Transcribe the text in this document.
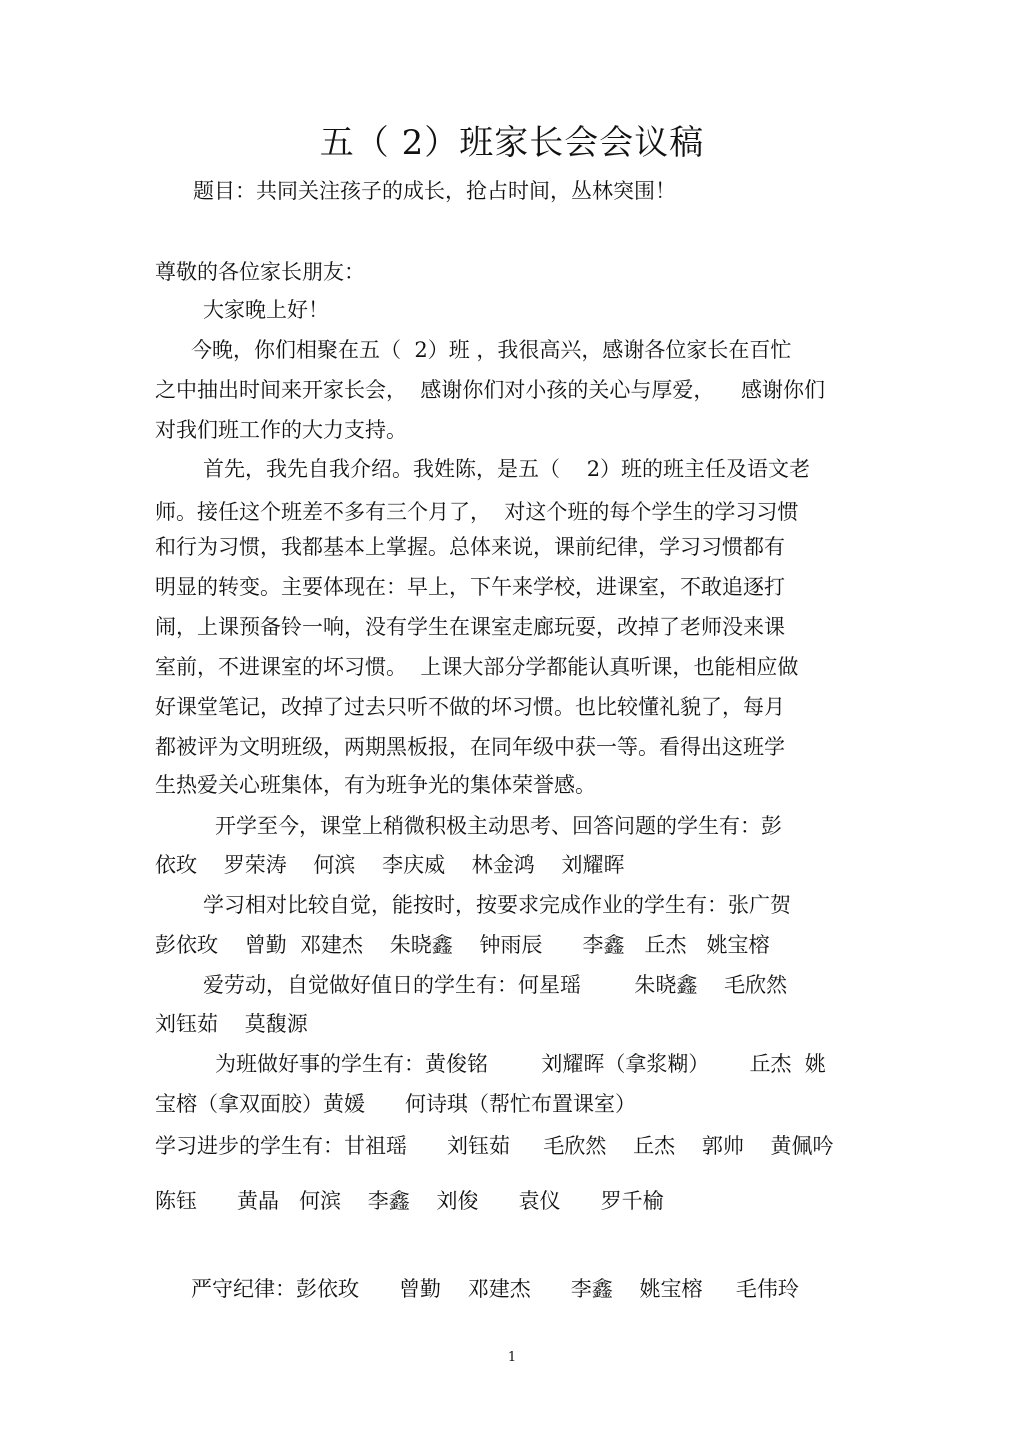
五（ 2）班家长会会议稿
题目：共同关注孩子的成长，抢占时间，丛林突围！
尊敬的各位家长朋友：
大家晚上好！
今晚，你们相聚在五（  2）班 ，我很高兴，感谢各位家长在百忙
之中抽出时间来开家长会，  感谢你们对小孩的关心与厚爱，    感谢你们
对我们班工作的大力支持。
首先，我先自我介绍。我姓陈，是五（    2）班的班主任及语文老
师。接任这个班差不多有三个月了，  对这个班的每个学生的学习习惯
和行为习惯，我都基本上掌握。总体来说，课前纪律，学习习惯都有
明显的转变。主要体现在：早上，下午来学校，进课室，不敢追逐打
闹，上课预备铃一响，没有学生在课室走廊玩耍，改掉了老师没来课
室前，不进课室的坏习惯。  上课大部分学都能认真听课，也能相应做
好课堂笔记，改掉了过去只听不做的坏习惯。也比较懂礼貌了，每月
都被评为文明班级，两期黑板报，在同年级中获一等。看得出这班学
生热爱关心班集体，有为班争光的集体荣誉感。
开学至今，课堂上稍微积极主动思考、回答问题的学生有：彭
依玫    罗荣涛    何滨    李庆威    林金鸿    刘耀晖
学习相对比较自觉，能按时，按要求完成作业的学生有：张广贺
彭依玫    曾勤  邓建杰    朱晓鑫    钟雨辰      李鑫   丘杰   姚宝榕
爱劳动，自觉做好值日的学生有：何星瑶        朱晓鑫    毛欣然
刘钰茹    莫馥源
为班做好事的学生有：黄俊铭        刘耀晖（拿浆糊）      丘杰  姚
宝榕（拿双面胶）黄媛      何诗琪（帮忙布置课室）
学习进步的学生有：甘祖瑶      刘钰茹     毛欣然    丘杰    郭帅    黄佩吟
陈钰      黄晶   何滨    李鑫    刘俊      袁仪      罗千榆
严守纪律：彭依玫      曾勤    邓建杰      李鑫    姚宝榕     毛伟玲
1
